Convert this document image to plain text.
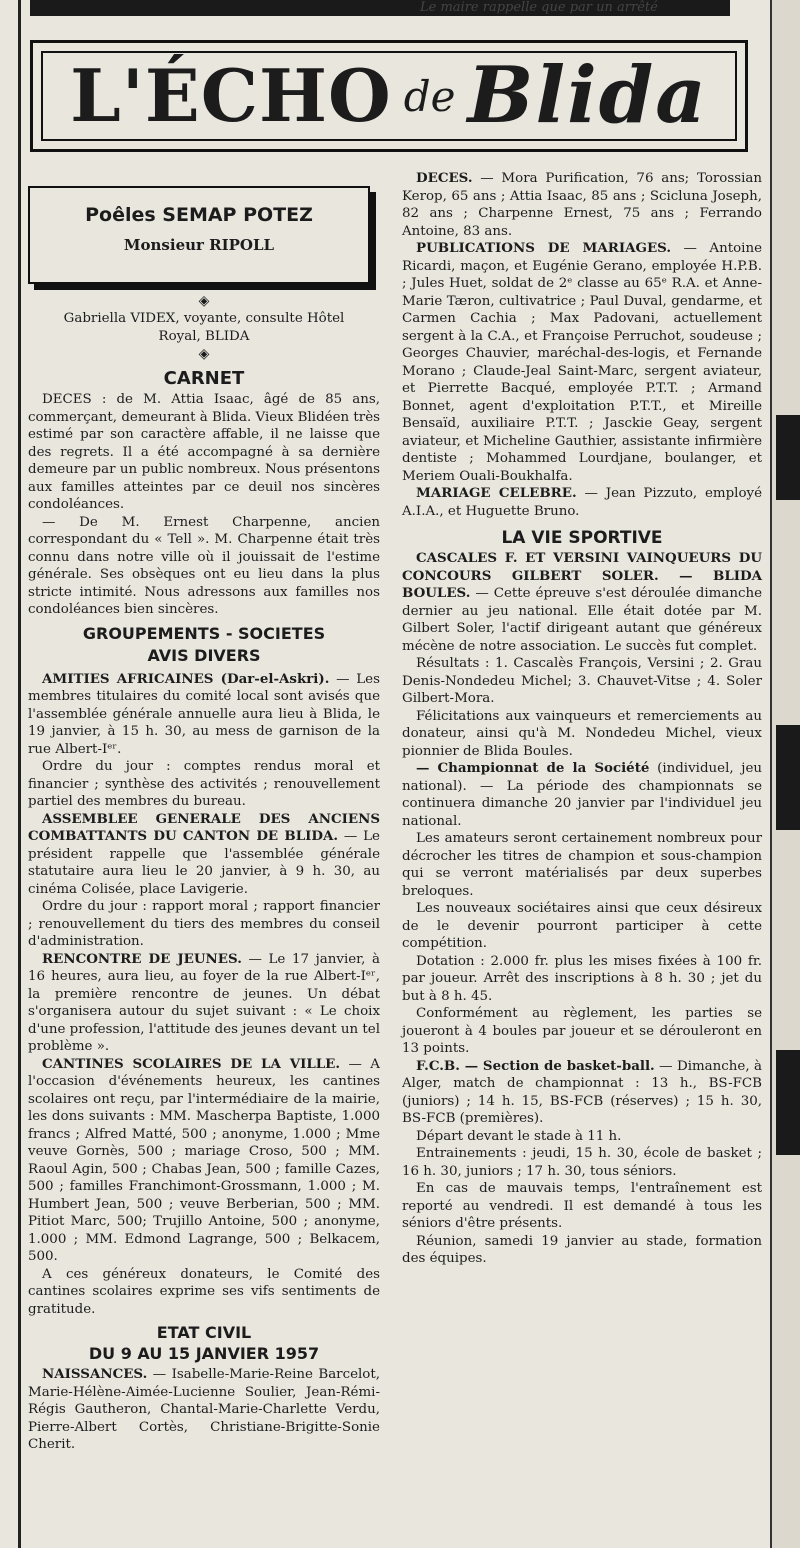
Le maire rappelle que par un arrêté
L'ÉCHO de Blida
Poêles SEMAP POTEZ
Monsieur RIPOLL
◈

Gabriella VIDEX, voyante, consulte Hôtel Royal, BLIDA

◈
CARNET

DECES : de M. Attia Isaac, âgé de 85 ans, commerçant, demeurant à Blida. Vieux Blidéen très estimé par son caractère affable, il ne laisse que des regrets. Il a été accompagné à sa dernière demeure par un public nombreux. Nous présentons aux familles atteintes par ce deuil nos sincères condoléances.

— De M. Ernest Charpenne, ancien correspondant du « Tell ». M. Charpenne était très connu dans notre ville où il jouissait de l'estime générale. Ses obsèques ont eu lieu dans la plus stricte intimité. Nous adressons aux familles nos condoléances bien sincères.

GROUPEMENTS - SOCIETES
AVIS DIVERS

AMITIES AFRICAINES (Dar-el-Askri). — Les membres titulaires du comité local sont avisés que l'assemblée générale annuelle aura lieu à Blida, le 19 janvier, à 15 h. 30, au mess de garnison de la rue Albert-Iᵉʳ.

Ordre du jour : comptes rendus moral et financier ; synthèse des activités ; renouvellement partiel des membres du bureau.

ASSEMBLEE GENERALE DES ANCIENS COMBATTANTS DU CANTON DE BLIDA. — Le président rappelle que l'assemblée générale statutaire aura lieu le 20 janvier, à 9 h. 30, au cinéma Colisée, place Lavigerie.

Ordre du jour : rapport moral ; rapport financier ; renouvellement du tiers des membres du conseil d'administration.

RENCONTRE DE JEUNES. — Le 17 janvier, à 16 heures, aura lieu, au foyer de la rue Albert-Iᵉʳ, la première rencontre de jeunes. Un débat s'organisera autour du sujet suivant : « Le choix d'une profession, l'attitude des jeunes devant un tel problème ».

CANTINES SCOLAIRES DE LA VILLE. — A l'occasion d'événements heureux, les cantines scolaires ont reçu, par l'intermédiaire de la mairie, les dons suivants : MM. Mascherpa Baptiste, 1.000 francs ; Alfred Matté, 500 ; anonyme, 1.000 ; Mme veuve Gornès, 500 ; mariage Croso, 500 ; MM. Raoul Agin, 500 ; Chabas Jean, 500 ; famille Cazes, 500 ; familles Franchimont-Grossmann, 1.000 ; M. Humbert Jean, 500 ; veuve Berberian, 500 ; MM. Pitiot Marc, 500; Trujillo Antoine, 500 ; anonyme, 1.000 ; MM. Edmond Lagrange, 500 ; Belkacem, 500.

A ces généreux donateurs, le Comité des cantines scolaires exprime ses vifs sentiments de gratitude.

ETAT CIVIL
DU 9 AU 15 JANVIER 1957

NAISSANCES. — Isabelle-Marie-Reine Barcelot, Marie-Hélène-Aimée-Lucienne Soulier, Jean-Rémi-Régis Gautheron, Chantal-Marie-Charlette Verdu, Pierre-Albert Cortès, Christiane-Brigitte-Sonie Cherit.

DECES. — Mora Purification, 76 ans; Torossian Kerop, 65 ans ; Attia Isaac, 85 ans ; Scicluna Joseph, 82 ans ; Charpenne Ernest, 75 ans ; Ferrando Antoine, 83 ans.

PUBLICATIONS DE MARIAGES. — Antoine Ricardi, maçon, et Eugénie Gerano, employée H.P.B. ; Jules Huet, soldat de 2ᵉ classe au 65ᵉ R.A. et Anne-Marie Tæron, cultivatrice ; Paul Duval, gendarme, et Carmen Cachia ; Max Padovani, actuellement sergent à la C.A., et Françoise Perruchot, soudeuse ; Georges Chauvier, maréchal-des-logis, et Fernande Morano ; Claude-Jeal Saint-Marc, sergent aviateur, et Pierrette Bacqué, employée P.T.T. ; Armand Bonnet, agent d'exploitation P.T.T., et Mireille Bensaïd, auxiliaire P.T.T. ; Jasckie Geay, sergent aviateur, et Micheline Gauthier, assistante infirmière dentiste ; Mohammed Lourdjane, boulanger, et Meriem Ouali-Boukhalfa.

MARIAGE CELEBRE. — Jean Pizzuto, employé A.I.A., et Huguette Bruno.

LA VIE SPORTIVE

CASCALES F. ET VERSINI VAINQUEURS DU CONCOURS GILBERT SOLER. — BLIDA BOULES. — Cette épreuve s'est déroulée dimanche dernier au jeu national. Elle était dotée par M. Gilbert Soler, l'actif dirigeant autant que généreux mécène de notre association. Le succès fut complet.

Résultats : 1. Cascalès François, Versini ; 2. Grau Denis-Nondedeu Michel; 3. Chauvet-Vitse ; 4. Soler Gilbert-Mora.

Félicitations aux vainqueurs et remerciements au donateur, ainsi qu'à M. Nondedeu Michel, vieux pionnier de Blida Boules.

— Championnat de la Société (individuel, jeu national). — La période des championnats se continuera dimanche 20 janvier par l'individuel jeu national.

Les amateurs seront certainement nombreux pour décrocher les titres de champion et sous-champion qui se verront matérialisés par deux superbes breloques.

Les nouveaux sociétaires ainsi que ceux désireux de le devenir pourront participer à cette compétition.

Dotation : 2.000 fr. plus les mises fixées à 100 fr. par joueur. Arrêt des inscriptions à 8 h. 30 ; jet du but à 8 h. 45.

Conformément au règlement, les parties se joueront à 4 boules par joueur et se dérouleront en 13 points.

F.C.B. — Section de basket-ball. — Dimanche, à Alger, match de championnat : 13 h., BS-FCB (juniors) ; 14 h. 15, BS-FCB (réserves) ; 15 h. 30, BS-FCB (premières).

Départ devant le stade à 11 h.

Entrainements : jeudi, 15 h. 30, école de basket ; 16 h. 30, juniors ; 17 h. 30, tous séniors.

En cas de mauvais temps, l'entraînement est reporté au vendredi. Il est demandé à tous les séniors d'être présents.

Réunion, samedi 19 janvier au stade, formation des équipes.
